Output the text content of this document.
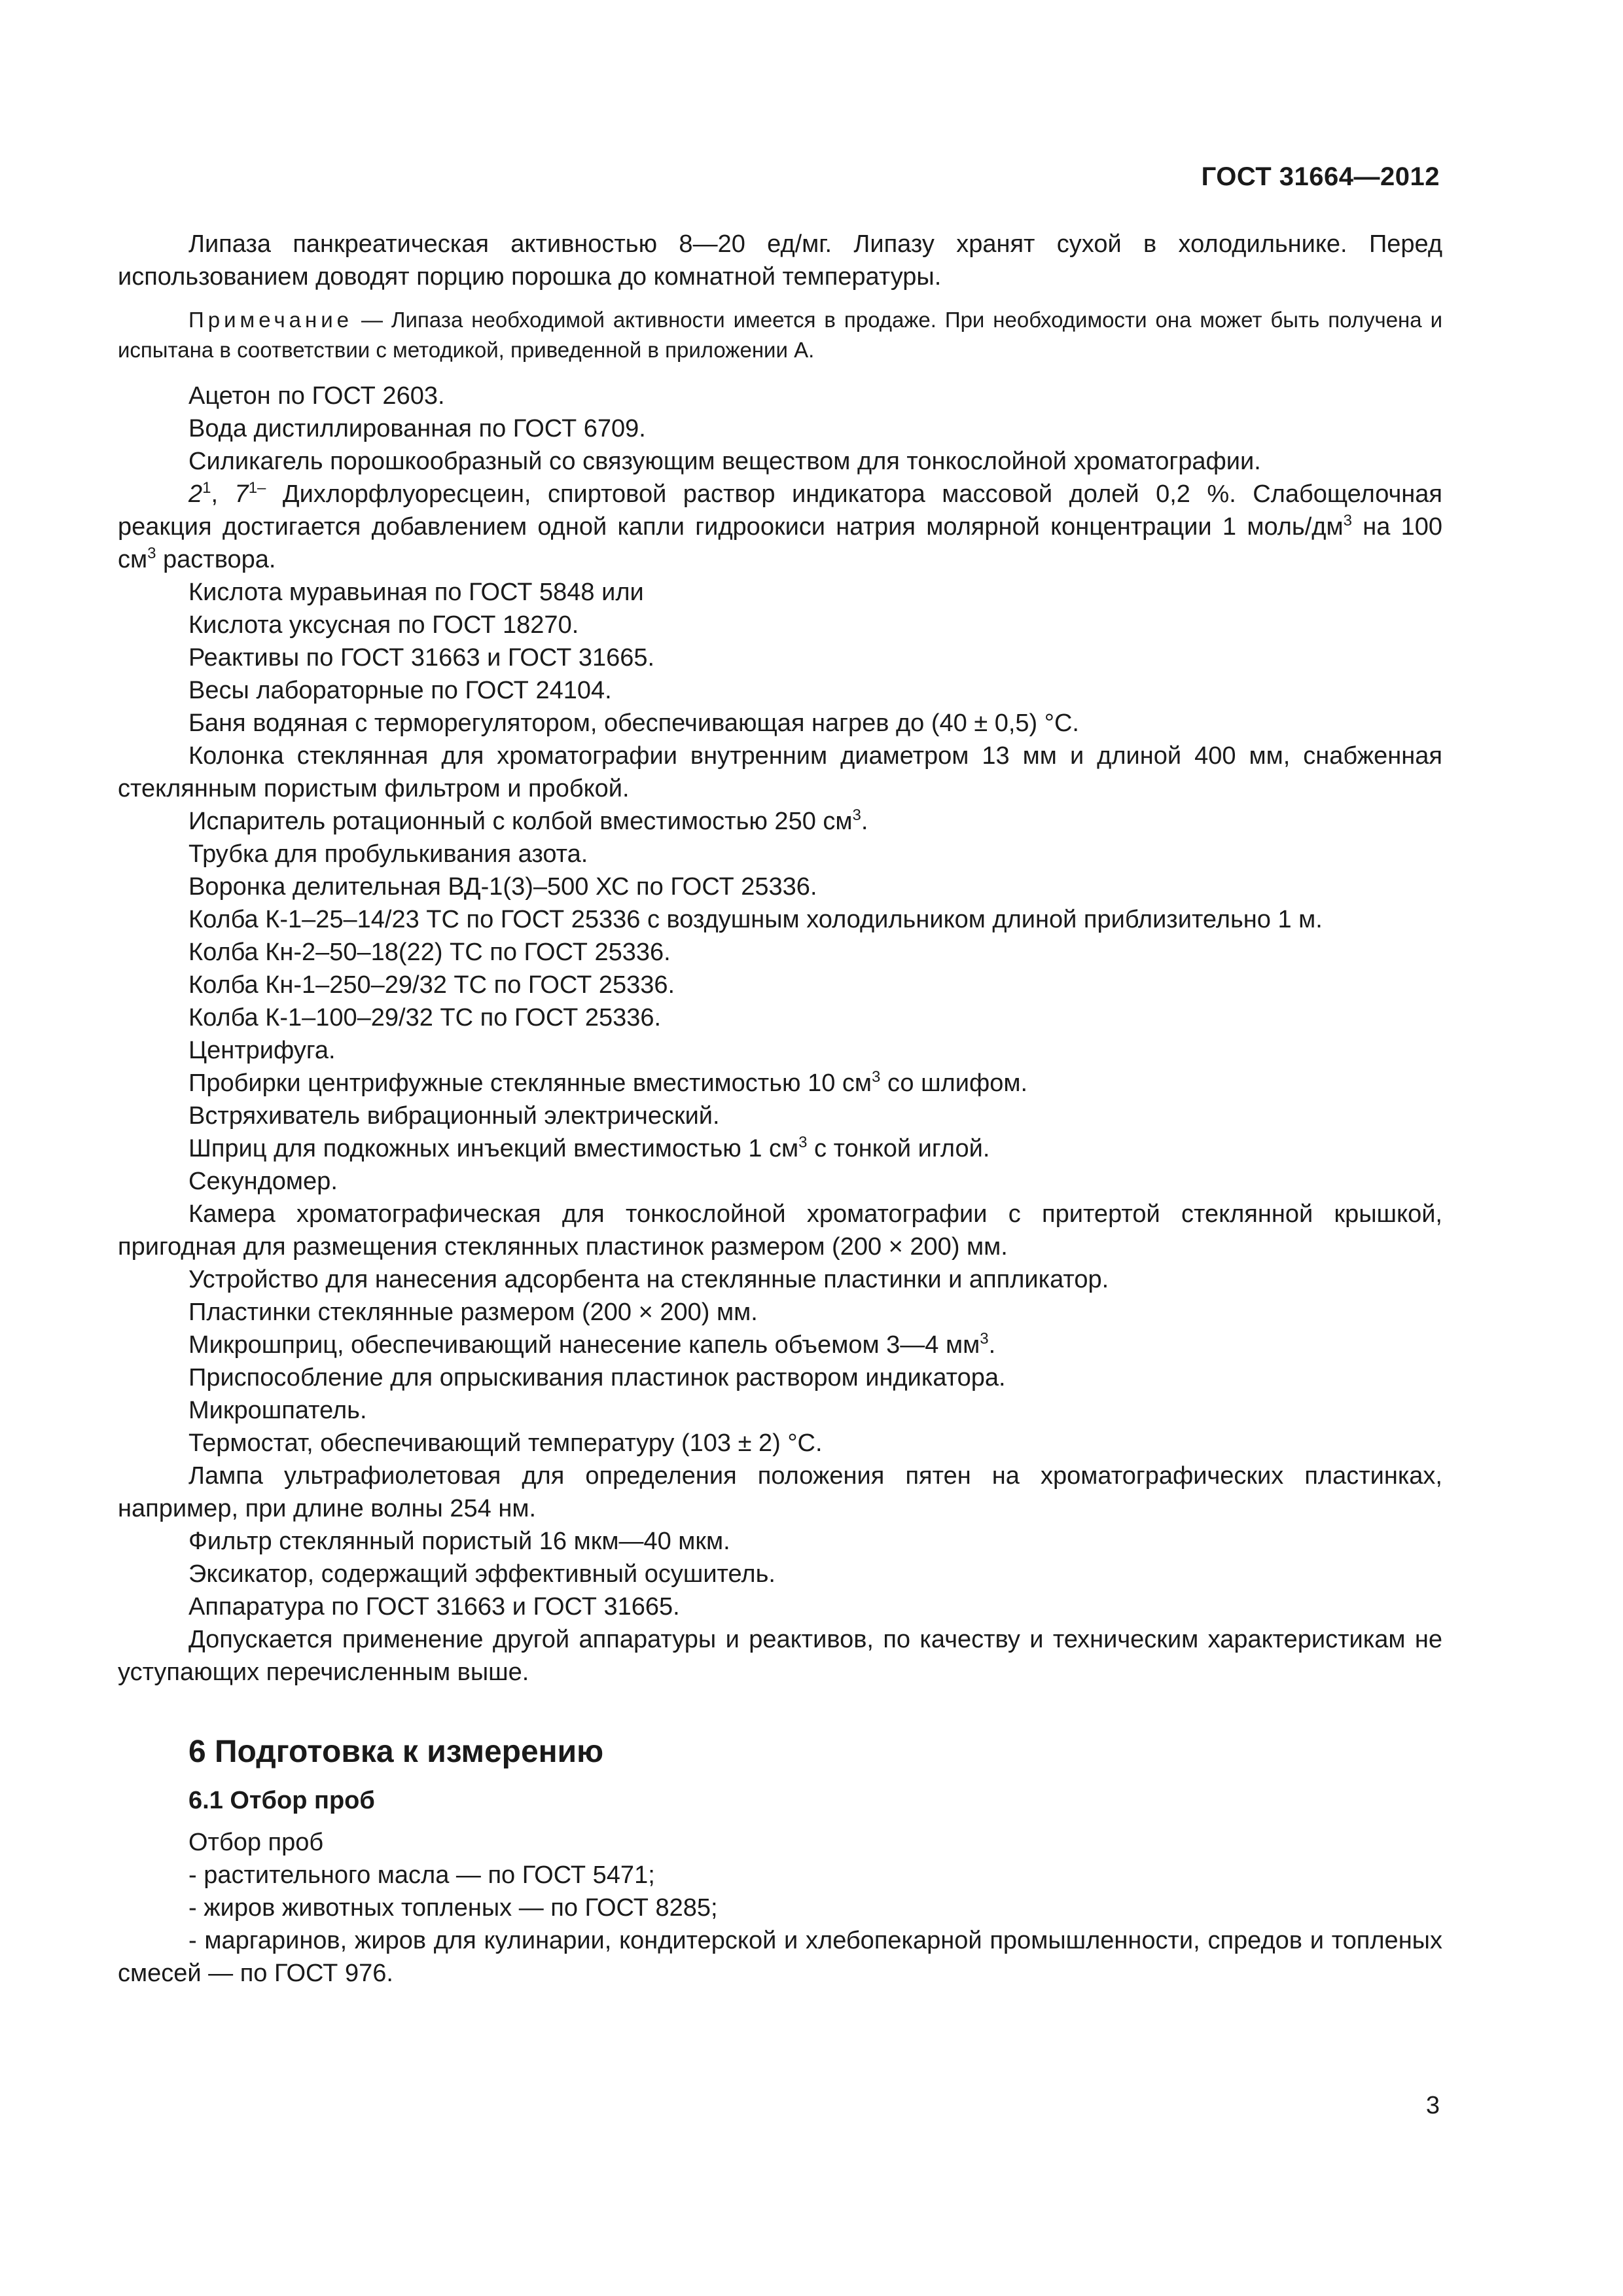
ГОСТ 31664—2012

Липаза панкреатическая активностью 8—20 ед/мг. Липазу хранят сухой в холодильнике. Перед использованием доводят порцию порошка до комнатной температуры.

Примечание — Липаза необходимой активности имеется в продаже. При необходимости она может быть получена и испытана в соответствии с методикой, приведенной в приложении А.

Ацетон по ГОСТ 2603.

Вода дистиллированная по ГОСТ 6709.

Силикагель порошкообразный со связующим веществом для тонкослойной хроматографии.

$2^1$, $7^{1-}$ Дихлорфлуоресцеин, спиртовой раствор индикатора массовой долей 0,2 %. Слабощелочная реакция достигается добавлением одной капли гидроокиси натрия молярной концентрации 1 моль/$дм^3$ на 100 $см^3$ раствора.

Кислота муравьиная по ГОСТ 5848 или

Кислота уксусная по ГОСТ 18270.

Реактивы по ГОСТ 31663 и ГОСТ 31665.

Весы лабораторные по ГОСТ 24104.

Баня водяная с терморегулятором, обеспечивающая нагрев до (40 ± 0,5) °С.

Колонка стеклянная для хроматографии внутренним диаметром 13 мм и длиной 400 мм, снабженная стеклянным пористым фильтром и пробкой.

Испаритель ротационный с колбой вместимостью 250 $см^3$.

Трубка для пробулькивания азота.

Воронка делительная ВД-1(3)–500 ХС по ГОСТ 25336.

Колба К-1–25–14/23 ТС по ГОСТ 25336 с воздушным холодильником длиной приблизительно 1 м.

Колба Кн-2–50–18(22) ТС по ГОСТ 25336.

Колба Кн-1–250–29/32 ТС по ГОСТ 25336.

Колба К-1–100–29/32 ТС по ГОСТ 25336.

Центрифуга.

Пробирки центрифужные стеклянные вместимостью 10 $см^3$ со шлифом.

Встряхиватель вибрационный электрический.

Шприц для подкожных инъекций вместимостью 1 $см^3$ с тонкой иглой.

Секундомер.

Камера хроматографическая для тонкослойной хроматографии с притертой стеклянной крышкой, пригодная для размещения стеклянных пластинок размером (200 × 200) мм.

Устройство для нанесения адсорбента на стеклянные пластинки и аппликатор.

Пластинки стеклянные размером (200 × 200) мм.

Микрошприц, обеспечивающий нанесение капель объемом 3—4 $мм^3$.

Приспособление для опрыскивания пластинок раствором индикатора.

Микрошпатель.

Термостат, обеспечивающий температуру (103 ± 2) °С.

Лампа ультрафиолетовая для определения положения пятен на хроматографических пластинках, например, при длине волны 254 нм.

Фильтр стеклянный пористый 16 мкм—40 мкм.

Эксикатор, содержащий эффективный осушитель.

Аппаратура по ГОСТ 31663 и ГОСТ 31665.

Допускается применение другой аппаратуры и реактивов, по качеству и техническим характеристикам не уступающих перечисленным выше.

6 Подготовка к измерению
6.1 Отбор проб

Отбор проб

- растительного масла — по ГОСТ 5471;

- жиров животных топленых — по ГОСТ 8285;

- маргаринов, жиров для кулинарии, кондитерской и хлебопекарной промышленности, спредов и топленых смесей — по ГОСТ 976.

3
